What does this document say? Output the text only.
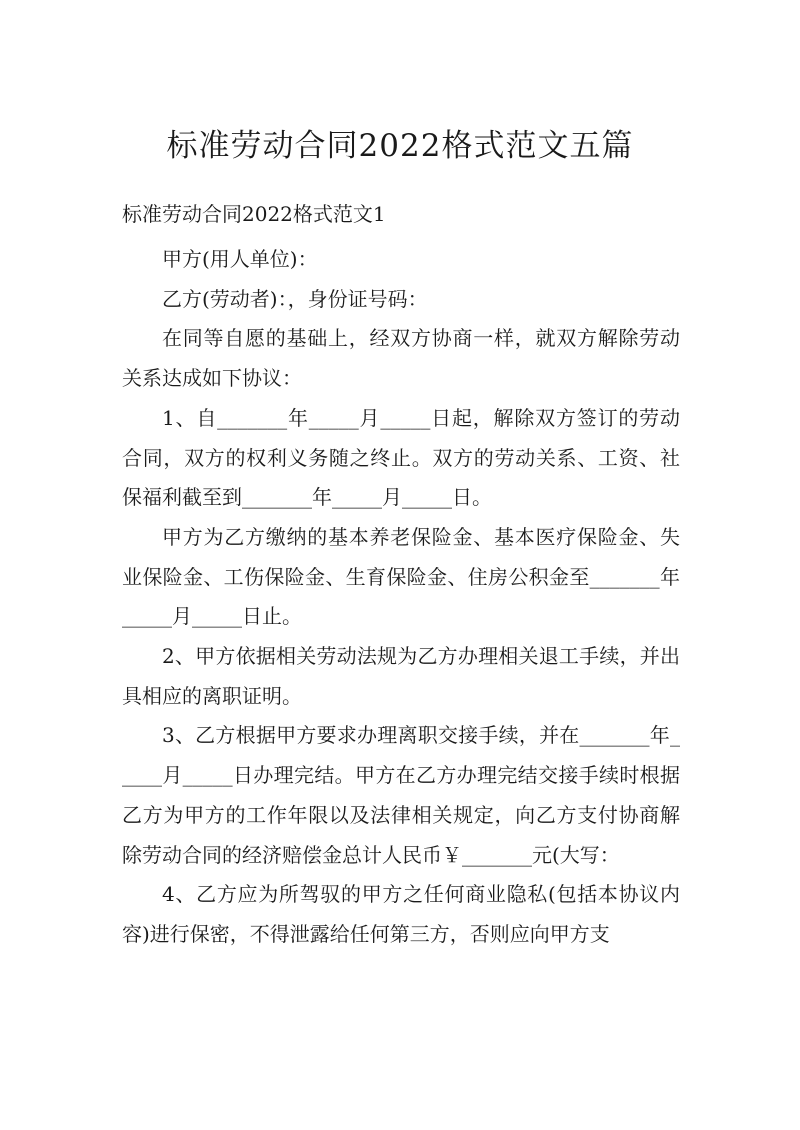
标准劳动合同2022格式范文五篇
标准劳动合同2022格式范文1

甲方(用人单位)：

乙方(劳动者)：，身份证号码：

在同等自愿的基础上，经双方协商一样，就双方解除劳动关系达成如下协议：

1、自_______年_____月_____日起，解除双方签订的劳动合同，双方的权利义务随之终止。双方的劳动关系、工资、社保福利截至到_______年_____月_____日。

甲方为乙方缴纳的基本养老保险金、基本医疗保险金、失业保险金、工伤保险金、生育保险金、住房公积金至_______年_____月_____日止。

2、甲方依据相关劳动法规为乙方办理相关退工手续，并出具相应的离职证明。

3、乙方根据甲方要求办理离职交接手续，并在_______年_____月_____日办理完结。甲方在乙方办理完结交接手续时根据乙方为甲方的工作年限以及法律相关规定，向乙方支付协商解除劳动合同的经济赔偿金总计人民币￥_______元(大写：

4、乙方应为所驾驭的甲方之任何商业隐私(包括本协议内容)进行保密，不得泄露给任何第三方，否则应向甲方支
